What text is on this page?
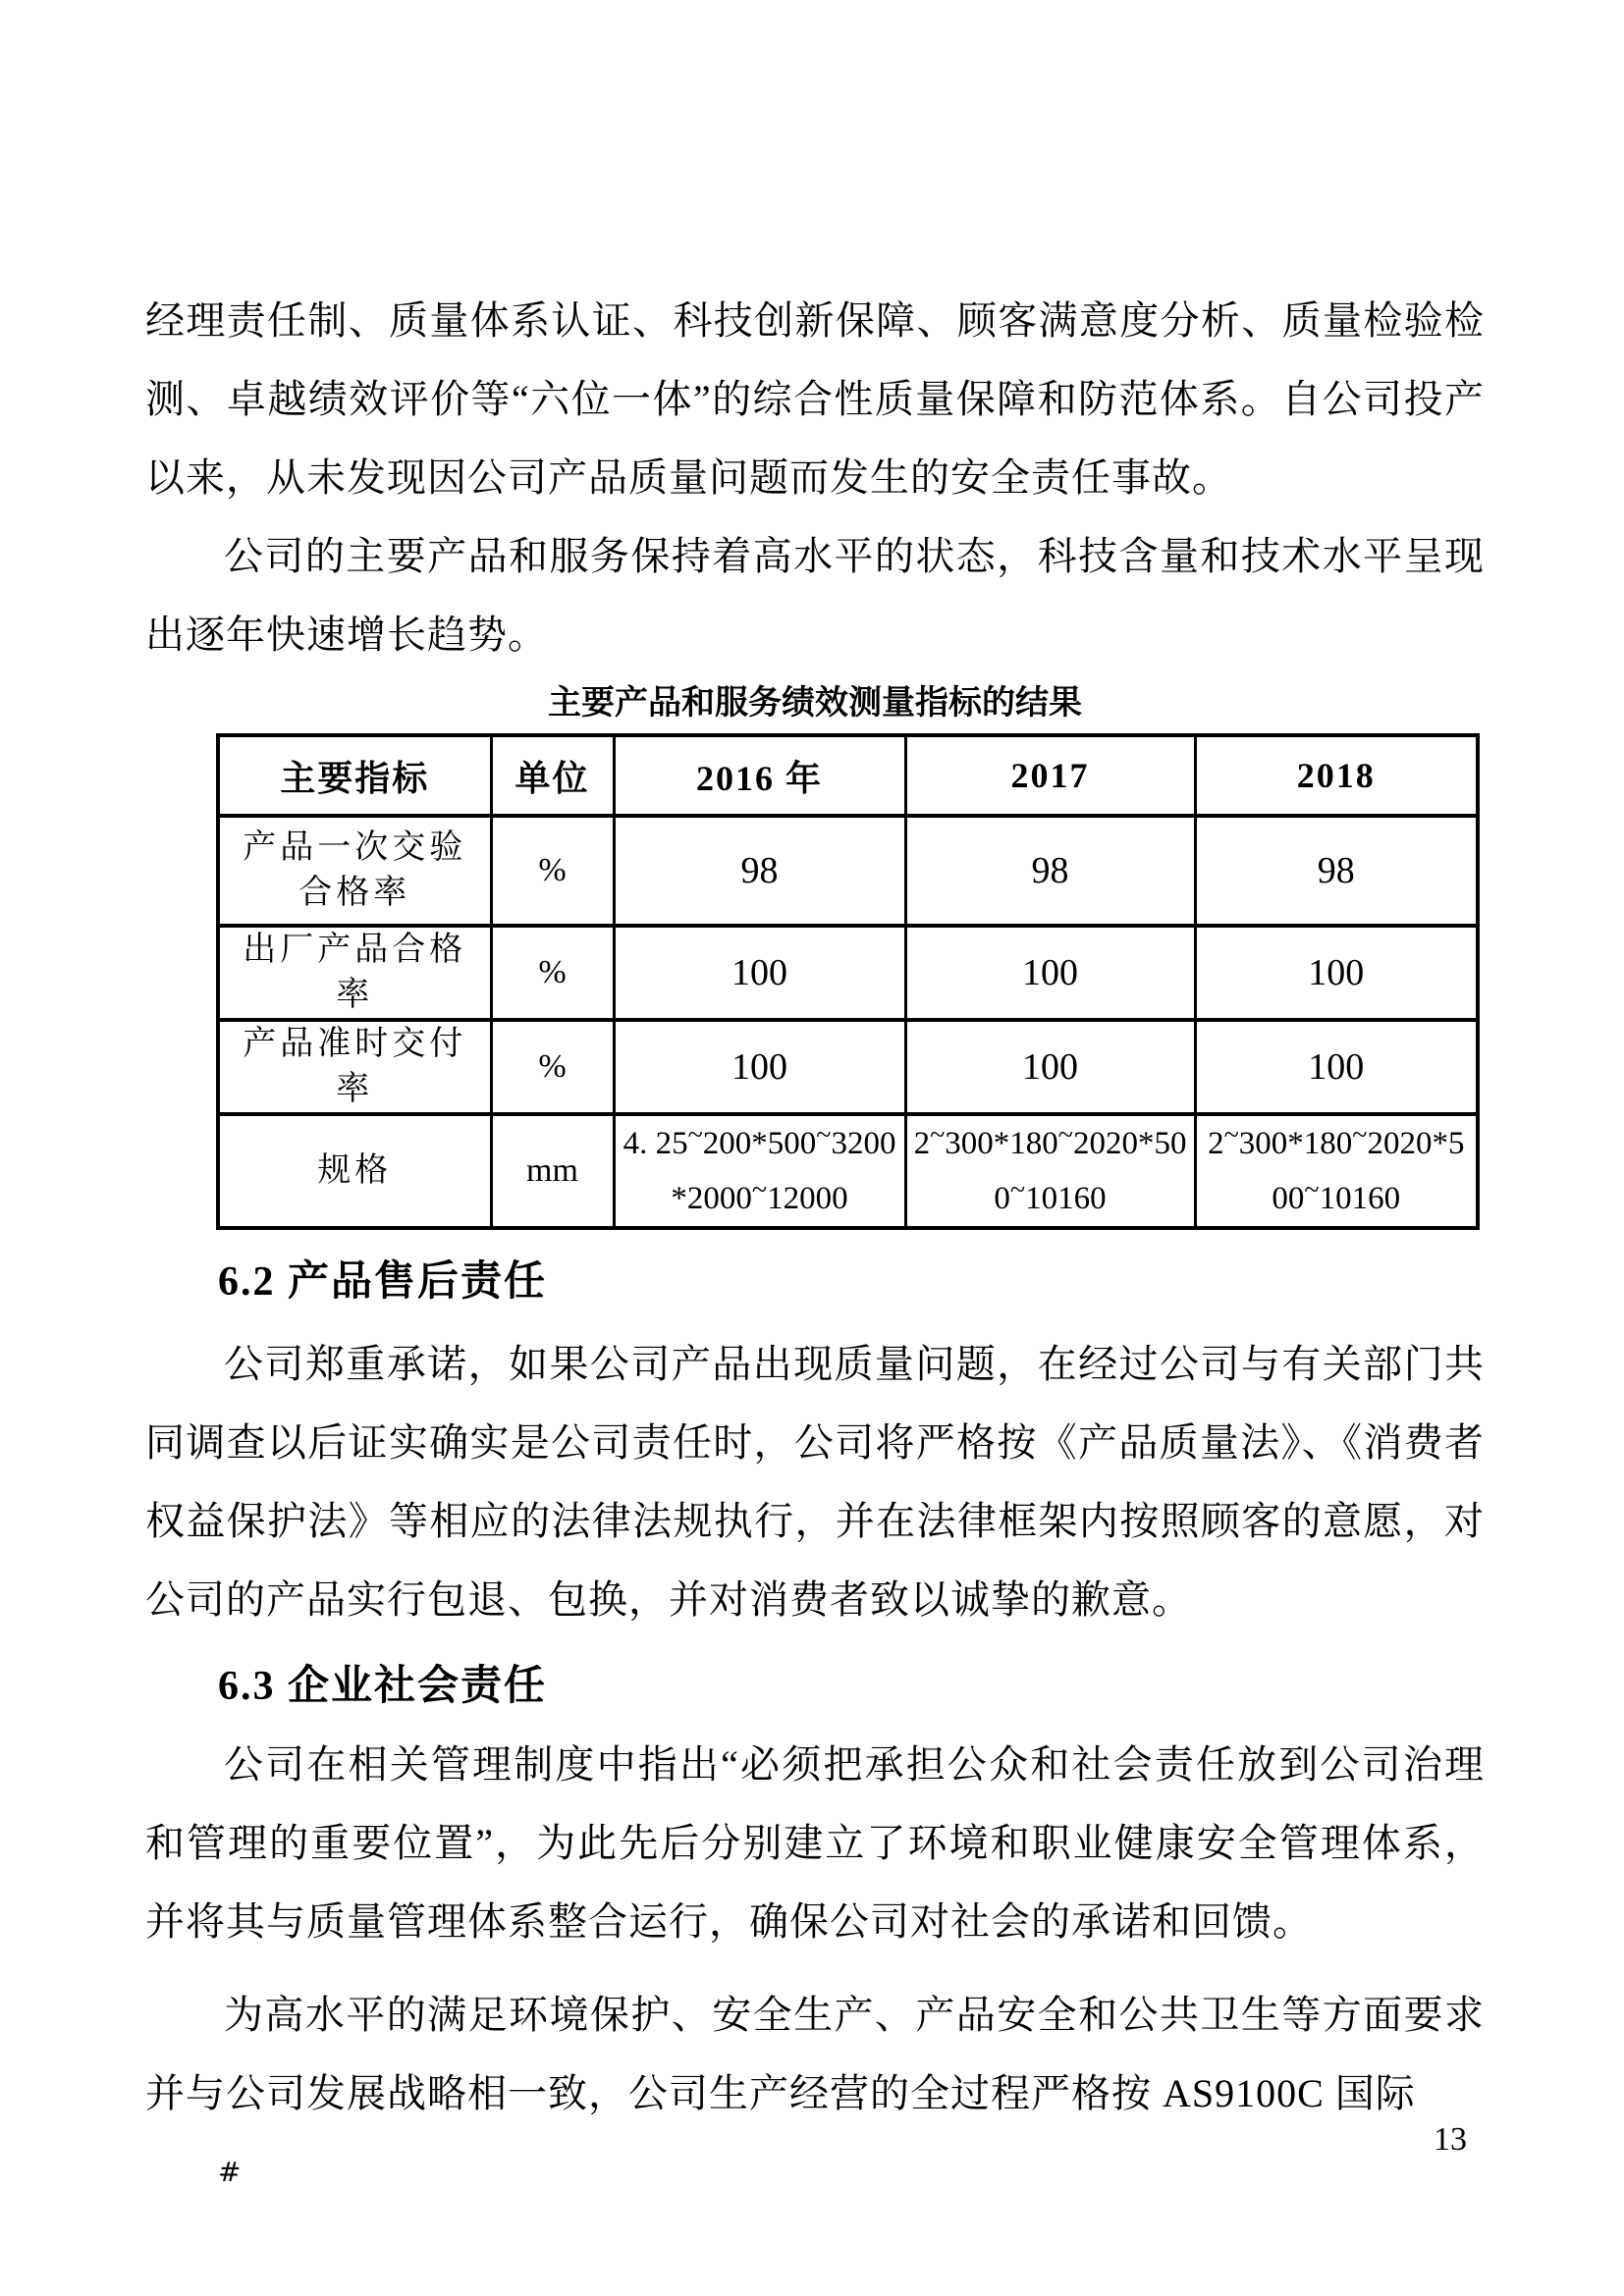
经理责任制、质量体系认证、科技创新保障、顾客满意度分析、质量检验检测、卓越绩效评价等“六位一体”的综合性质量保障和防范体系。自公司投产以来，从未发现因公司产品质量问题而发生的安全责任事故。

公司的主要产品和服务保持着高水平的状态，科技含量和技术水平呈现出逐年快速增长趋势。

主要产品和服务绩效测量指标的结果
主要指标	单位	2016 年	2017	2018
产品一次交验合格率	%	98	98	98
出厂产品合格率	%	100	100	100
产品准时交付率	%	100	100	100
规格	mm	4. 25~200*500~3200*2000~12000	2~300*180~2020*500~10160	2~300*180~2020*500~10160
6.2 产品售后责任

公司郑重承诺，如果公司产品出现质量问题，在经过公司与有关部门共同调查以后证实确实是公司责任时，公司将严格按《产品质量法》、《消费者权益保护法》等相应的法律法规执行，并在法律框架内按照顾客的意愿，对公司的产品实行包退、包换，并对消费者致以诚挚的歉意。

6.3 企业社会责任

公司在相关管理制度中指出“必须把承担公众和社会责任放到公司治理和管理的重要位置”，为此先后分别建立了环境和职业健康安全管理体系，并将其与质量管理体系整合运行，确保公司对社会的承诺和回馈。

为高水平的满足环境保护、安全生产、产品安全和公共卫生等方面要求并与公司发展战略相一致，公司生产经营的全过程严格按 AS9100C 国际

13
#
